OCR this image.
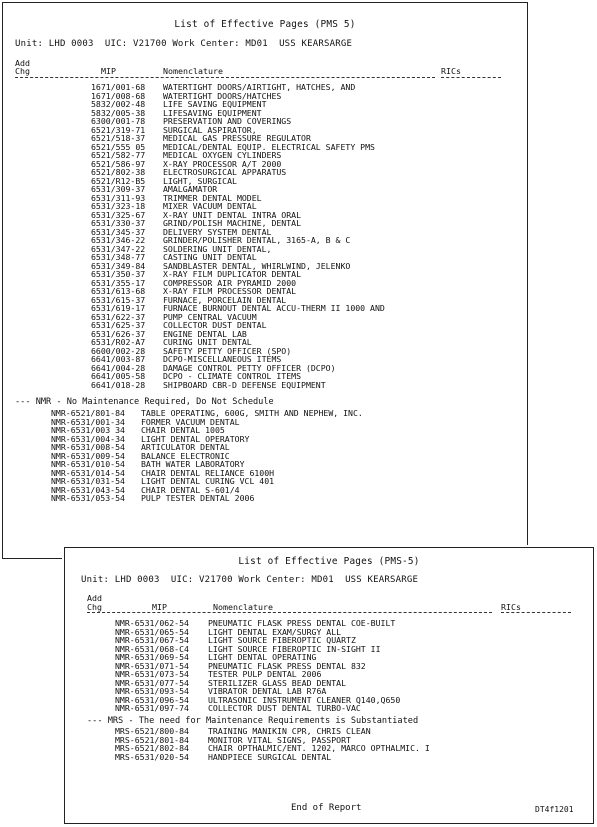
List of Effective Pages (PMS 5)
Unit: LHD 0003  UIC: V21700 Work Center: MD01  USS KEARSARGE
Add
Chg	MIP	Nomenclature	RICs
1671/001-68 WATERTIGHT DOORS/AIRTIGHT, HATCHES, AND
1671/008-68 WATERTIGHT DOORS/HATCHES
5832/002-48 LIFE SAVING EQUIPMENT
5832/005-38 LIFESAVING EQUIPMENT
6300/001-78 PRESERVATION AND COVERINGS
6521/319-71 SURGICAL ASPIRATOR,
6521/518-37 MEDICAL GAS PRESSURE REGULATOR
6521/555 05 MEDICAL/DENTAL EQUIP. ELECTRICAL SAFETY PMS
6521/582-77 MEDICAL OXYGEN CYLINDERS
6521/586-97 X-RAY PROCESSOR A/T 2000
6521/802-38 ELECTROSURGICAL APPARATUS
6521/R12-B5 LIGHT, SURGICAL
6531/309-37 AMALGAMATOR
6531/311-93 TRIMMER DENTAL MODEL
6531/323-18 MIXER VACUUM DENTAL
6531/325-67 X-RAY UNIT DENTAL INTRA ORAL
6531/330-37 GRIND/POLISH MACHINE, DENTAL
6531/345-37 DELIVERY SYSTEM DENTAL
6531/346-22 GRINDER/POLISHER DENTAL, 3165-A, B & C
6531/347-22 SOLDERING UNIT DENTAL,
6531/348-77 CASTING UNIT DENTAL
6531/349-84 SANDBLASTER DENTAL, WHIRLWIND, JELENKO
6531/350-37 X-RAY FILM DUPLICATOR DENTAL
6531/355-17 COMPRESSOR AIR PYRAMID 2000
6531/613-68 X-RAY FILM PROCESSOR DENTAL
6531/615-37 FURNACE, PORCELAIN DENTAL
6531/619-17 FURNACE BURNOUT DENTAL ACCU-THERM II 1000 AND
6531/622-37 PUMP CENTRAL VACUUM
6531/625-37 COLLECTOR DUST DENTAL
6531/626-37 ENGINE DENTAL LAB
6531/R02-A7 CURING UNIT DENTAL
6600/002-28 SAFETY PETTY OFFICER (SPO)
6641/003-87 DCPO-MISCELLANEOUS ITEMS
6641/004-28 DAMAGE CONTROL PETTY OFFICER (DCPO)
6641/005-58 DCPO - CLIMATE CONTROL ITEMS
6641/018-28 SHIPBOARD CBR-D DEFENSE EQUIPMENT
--- NMR - No Maintenance Required, Do Not Schedule
NMR-6521/801-84 TABLE OPERATING, 600G, SMITH AND NEPHEW, INC.
NMR-6531/001-34 FORMER VACUUM DENTAL
NMR-6531/003 34 CHAIR DENTAL 1005
NMR-6531/004-34 LIGHT DENTAL OPERATORY
NMR-6531/008-54 ARTICULATOR DENTAL
NMR-6531/009-54 BALANCE ELECTRONIC
NMR-6531/010-54 BATH WATER LABORATORY
NMR-6531/014-54 CHAIR DENTAL RELIANCE 6100H
NMR-6531/031-54 LIGHT DENTAL CURING VCL 401
NMR-6531/043-54 CHAIR DENTAL S-601/4
NMR-6531/053-54 PULP TESTER DENTAL 2006
List of Effective Pages (PMS-5)
Unit: LHD 0003  UIC: V21700 Work Center: MD01  USS KEARSARGE
Add
Chg	MIP	Nomenclature	RICs
NMR-6531/062-54 PNEUMATIC FLASK PRESS DENTAL COE-BUILT
NMR-6531/065-54 LIGHT DENTAL EXAM/SURGY ALL
NMR-6531/067-54 LIGHT SOURCE FIBEROPTIC QUARTZ
NMR-6531/068-C4 LIGHT SOURCE FIBEROPTIC IN-SIGHT II
NMR-6531/069-54 LIGHT DENTAL OPERATING
NMR-6531/071-54 PNEUMATIC FLASK PRESS DENTAL 832
NMR-6531/073-54 TESTER PULP DENTAL 2006
NMR-6531/077-54 STERILIZER GLASS BEAD DENTAL
NMR-6531/093-54 VIBRATOR DENTAL LAB R76A
NMR-6531/096-54 ULTRASONIC INSTRUMENT CLEANER Q140,Q650
NMR-6531/097-74 COLLECTOR DUST DENTAL TURBO-VAC
--- MRS - The need for Maintenance Requirements is Substantiated
MRS-6521/800-84 TRAINING MANIKIN CPR, CHRIS CLEAN
MRS-6521/801-84 MONITOR VITAL SIGNS, PASSPORT
MRS-6521/802-84 CHAIR OPTHALMIC/ENT. 1202, MARCO OPTHALMIC. I
MRS-6531/020-54 HANDPIECE SURGICAL DENTAL
End of Report	DT4f1201
